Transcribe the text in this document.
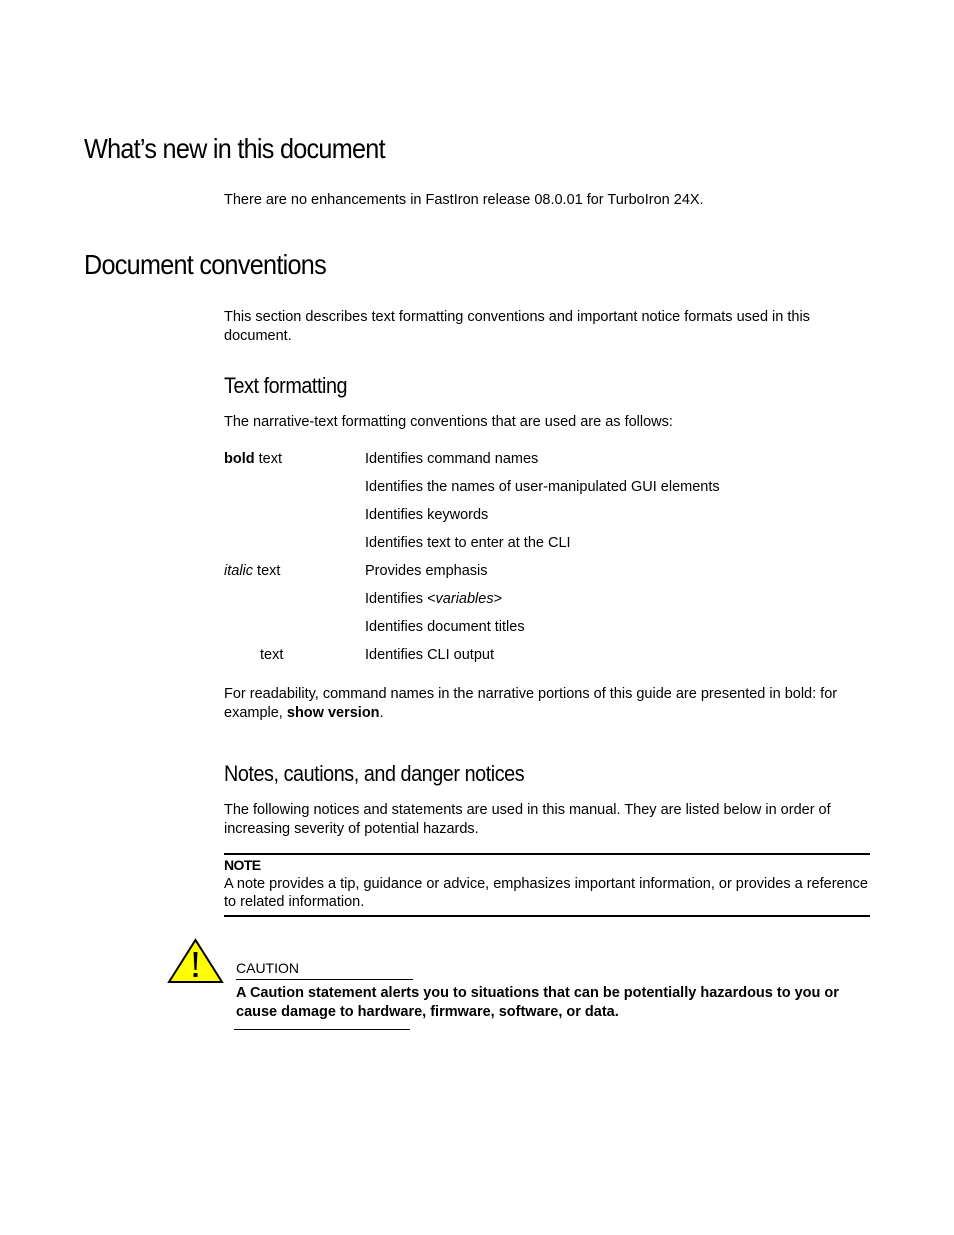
What’s new in this document

There are no enhancements in FastIron release 08.0.01 for TurboIron 24X.

Document conventions

This section describes text formatting conventions and important notice formats used in this document.

Text formatting

The narrative-text formatting conventions that are used are as follows:

bold text	Identifies command names
Identifies the names of user-manipulated GUI elements
Identifies keywords
Identifies text to enter at the CLI
italic text	Provides emphasis
Identifies <variables>
Identifies document titles
text	Identifies CLI output

For readability, command names in the narrative portions of this guide are presented in bold: for example, show version.

Notes, cautions, and danger notices

The following notices and statements are used in this manual. They are listed below in order of increasing severity of potential hazards.

NOTE
A note provides a tip, guidance or advice, emphasizes important information, or provides a reference to related information.
CAUTION
A Caution statement alerts you to situations that can be potentially hazardous to you or cause damage to hardware, firmware, software, or data.
